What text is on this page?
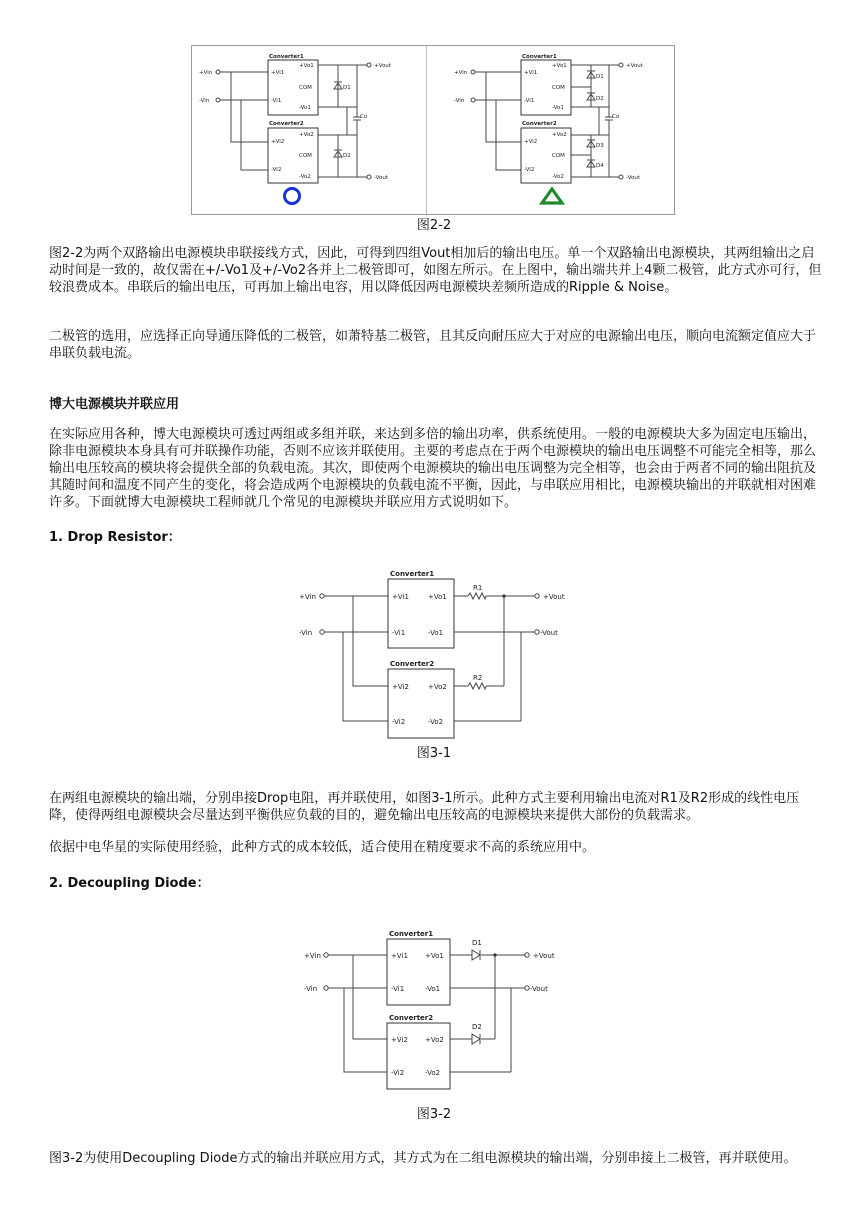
Converter1
Converter2
+Vi1
-Vi1
+Vo1
COM
-Vo1
+Vi2
-Vi2
+Vo2
COM
-Vo2
+Vin
-Vin
D1
D2
Co
+Vout
-Vout
Converter1
Converter2
+Vi1
-Vi1
+Vo1
COM
-Vo1
+Vi2
-Vi2
+Vo2
COM
-Vo2
+Vin
-Vin
D1
D2
D3
D4
Co
+Vout
-Vout
图2-2

图2-2为两个双路输出电源模块串联接线方式，因此，可得到四组Vout相加后的输出电压。单一个双路输出电源模块，其两组输出之启动时间是一致的，故仅需在+/-Vo1及+/-Vo2各并上二极管即可，如图左所示。在上图中，输出端共并上4颗二极管，此方式亦可行，但较浪费成本。串联后的输出电压，可再加上输出电容，用以降低因两电源模块差频所造成的Ripple & Noise。

二极管的选用，应选择正向导通压降低的二极管，如萧特基二极管，且其反向耐压应大于对应的电源输出电压，顺向电流额定值应大于串联负载电流。

博大电源模块并联应用

在实际应用各种，博大电源模块可透过两组或多组并联，来达到多倍的输出功率，供系统使用。一般的电源模块大多为固定电压输出，除非电源模块本身具有可并联操作功能，否则不应该并联使用。主要的考虑点在于两个电源模块的输出电压调整不可能完全相等，那么输出电压较高的模块将会提供全部的负载电流。其次，即使两个电源模块的输出电压调整为完全相等，也会由于两者不同的输出阻抗及其随时间和温度不同产生的变化，将会造成两个电源模块的负载电流不平衡，因此，与串联应用相比，电源模块输出的并联就相对困难许多。下面就博大电源模块工程师就几个常见的电源模块并联应用方式说明如下。

1. Drop Resistor：

Converter1
Converter2
+Vi1
-Vi1
+Vo1
-Vo1
+Vi2
-Vi2
+Vo2
-Vo2
+Vin
-Vin
R1
R2
+Vout
-Vout
图3-1

在两组电源模块的输出端，分别串接Drop电阻，再并联使用，如图3-1所示。此种方式主要利用输出电流对R1及R2形成的线性电压降，使得两组电源模块会尽量达到平衡供应负载的目的，避免输出电压较高的电源模块来提供大部份的负载需求。

依据中电华星的实际使用经验，此种方式的成本较低，适合使用在精度要求不高的系统应用中。

2. Decoupling Diode：

Converter1
Converter2
+Vi1
-Vi1
+Vo1
-Vo1
+Vi2
-Vi2
+Vo2
-Vo2
+Vin
-Vin
D1
D2
+Vout
-Vout
图3-2

图3-2为使用Decoupling Diode方式的输出并联应用方式，其方式为在二组电源模块的输出端，分别串接上二极管，再并联使用。
